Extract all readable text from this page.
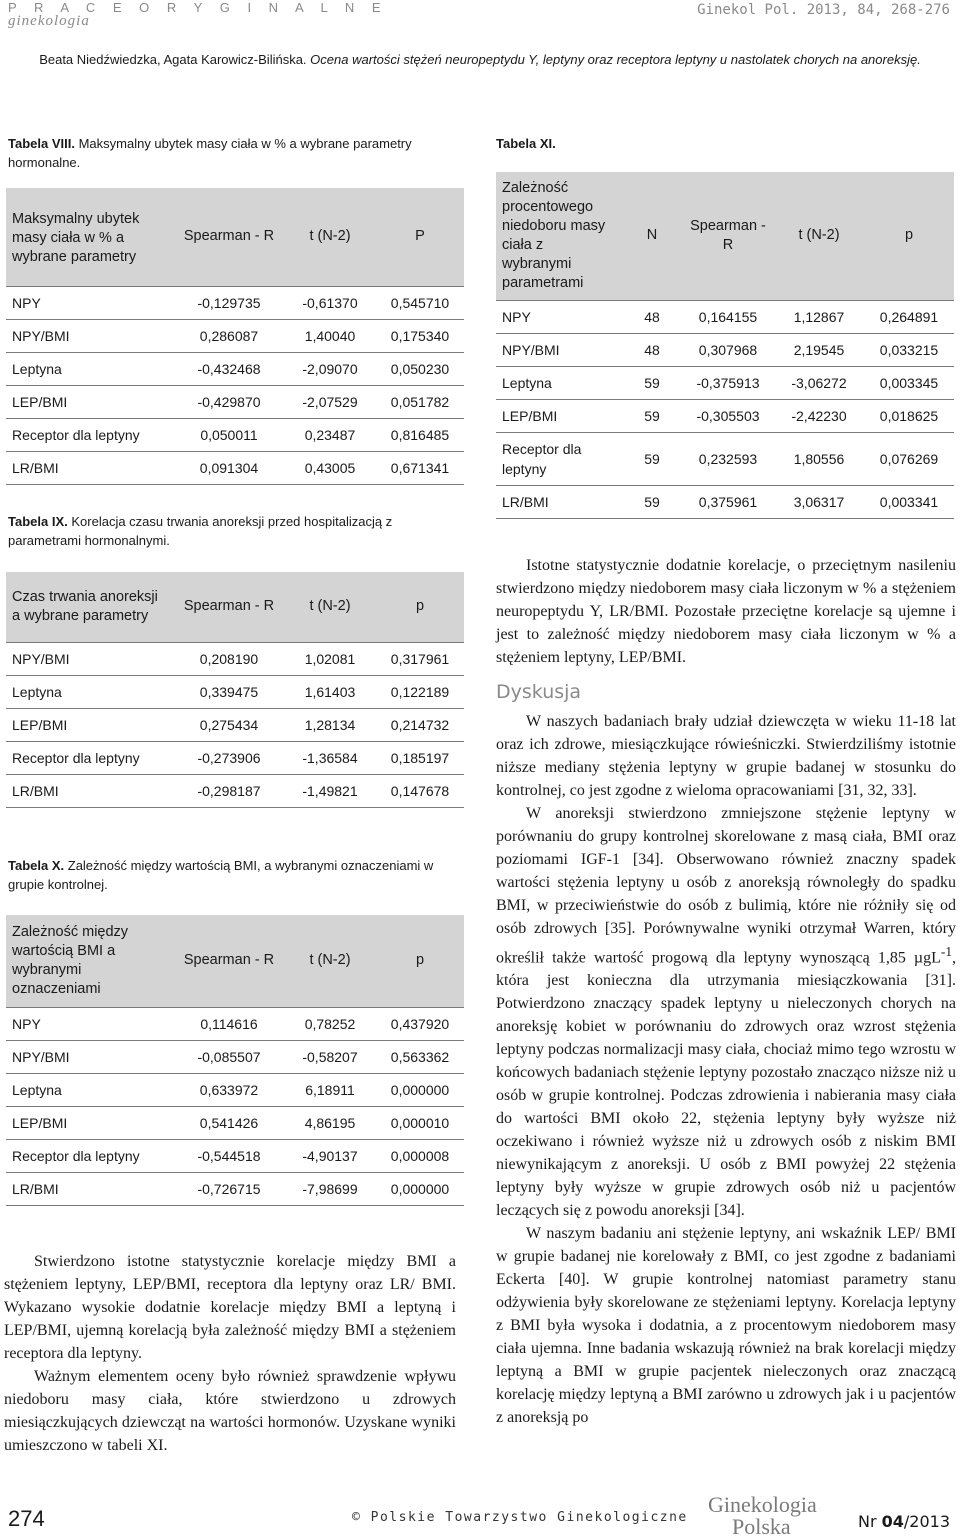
P R A C E O R Y G I N A L N E
ginekologia
Ginekol Pol. 2013, 84, 268-276
Beata Niedźwiedzka, Agata Karowicz-Bilińska. Ocena wartości stężeń neuropeptydu Y, leptyny oraz receptora leptyny u nastolatek chorych na anoreksję.
Tabela VIII. Maksymalny ubytek masy ciała w % a wybrane parametry hormonalne.
Maksymalny ubytek masy ciała w % a wybrane parametry	Spearman - R	t (N-2)	P
NPY	-0,129735	-0,61370	0,545710
NPY/BMI	0,286087	1,40040	0,175340
Leptyna	-0,432468	-2,09070	0,050230
LEP/BMI	-0,429870	-2,07529	0,051782
Receptor dla leptyny	0,050011	0,23487	0,816485
LR/BMI	0,091304	0,43005	0,671341
Tabela IX. Korelacja czasu trwania anoreksji przed hospitalizacją z parametrami hormonalnymi.
Czas trwania anoreksji a wybrane parametry	Spearman - R	t (N-2)	p
NPY/BMI	0,208190	1,02081	0,317961
Leptyna	0,339475	1,61403	0,122189
LEP/BMI	0,275434	1,28134	0,214732
Receptor dla leptyny	-0,273906	-1,36584	0,185197
LR/BMI	-0,298187	-1,49821	0,147678
Tabela X. Zależność między wartością BMI, a wybranymi oznaczeniami w grupie kontrolnej.
Zależność między wartością BMI a wybranymi oznaczeniami	Spearman - R	t (N-2)	p
NPY	0,114616	0,78252	0,437920
NPY/BMI	-0,085507	-0,58207	0,563362
Leptyna	0,633972	6,18911	0,000000
LEP/BMI	0,541426	4,86195	0,000010
Receptor dla leptyny	-0,544518	-4,90137	0,000008
LR/BMI	-0,726715	-7,98699	0,000000

Stwierdzono istotne statystycznie korelacje między BMI a stężeniem leptyny, LEP/BMI, receptora dla leptyny oraz LR/ BMI. Wykazano wysokie dodatnie korelacje między BMI a leptyną i LEP/BMI, ujemną korelacją była zależność między BMI a stężeniem receptora dla leptyny.

Ważnym elementem oceny było również sprawdzenie wpływu niedoboru masy ciała, które stwierdzono u zdrowych miesiączkujących dziewcząt na wartości hormonów. Uzyskane wyniki umieszczono w tabeli XI.

Tabela XI.
Zależność procentowego niedoboru masy ciała z wybranymi parametrami	N	Spearman - R	t (N-2)	p
NPY	48	0,164155	1,12867	0,264891
NPY/BMI	48	0,307968	2,19545	0,033215
Leptyna	59	-0,375913	-3,06272	0,003345
LEP/BMI	59	-0,305503	-2,42230	0,018625
Receptor dla leptyny	59	0,232593	1,80556	0,076269
LR/BMI	59	0,375961	3,06317	0,003341

Istotne statystycznie dodatnie korelacje, o przeciętnym nasileniu stwierdzono między niedoborem masy ciała liczonym w % a stężeniem neuropeptydu Y, LR/BMI. Pozostałe przeciętne korelacje są ujemne i jest to zależność między niedoborem masy ciała liczonym w % a stężeniem leptyny, LEP/BMI.

Dyskusja

W naszych badaniach brały udział dziewczęta w wieku 11-18 lat oraz ich zdrowe, miesiączkujące rówieśniczki. Stwierdziliśmy istotnie niższe mediany stężenia leptyny w grupie badanej w stosunku do kontrolnej, co jest zgodne z wieloma opracowaniami [31, 32, 33].

W anoreksji stwierdzono zmniejszone stężenie leptyny w porównaniu do grupy kontrolnej skorelowane z masą ciała, BMI oraz poziomami IGF-1 [34]. Obserwowano również znaczny spadek wartości stężenia leptyny u osób z anoreksją równoległy do spadku BMI, w przeciwieństwie do osób z bulimią, które nie różniły się od osób zdrowych [35]. Porównywalne wyniki otrzymał Warren, który określił także wartość progową dla leptyny wynoszącą 1,85 µgL$^{-1}$, która jest konieczna dla utrzymania miesiączkowania [31]. Potwierdzono znaczący spadek leptyny u nieleczonych chorych na anoreksję kobiet w porównaniu do zdrowych oraz wzrost stężenia leptyny podczas normalizacji masy ciała, chociaż mimo tego wzrostu w końcowych badaniach stężenie leptyny pozostało znacząco niższe niż u osób w grupie kontrolnej. Podczas zdrowienia i nabierania masy ciała do wartości BMI około 22, stężenia leptyny były wyższe niż oczekiwano i również wyższe niż u zdrowych osób z niskim BMI niewynikającym z anoreksji. U osób z BMI powyżej 22 stężenia leptyny były wyższe w grupie zdrowych osób niż u pacjentów leczących się z powodu anoreksji [34].

W naszym badaniu ani stężenie leptyny, ani wskaźnik LEP/ BMI w grupie badanej nie korelowały z BMI, co jest zgodne z badaniami Eckerta [40]. W grupie kontrolnej natomiast parametry stanu odżywienia były skorelowane ze stężeniami leptyny. Korelacja leptyny z BMI była wysoka i dodatnia, a z procentowym niedoborem masy ciała ujemna. Inne badania wskazują również na brak korelacji między leptyną a BMI w grupie pacjentek nieleczonych oraz znaczącą korelację między leptyną a BMI zarówno u zdrowych jak i u pacjentów z anoreksją po

274	© Polskie Towarzystwo Ginekologiczne
Ginekologia
Polska	Nr 04/2013
